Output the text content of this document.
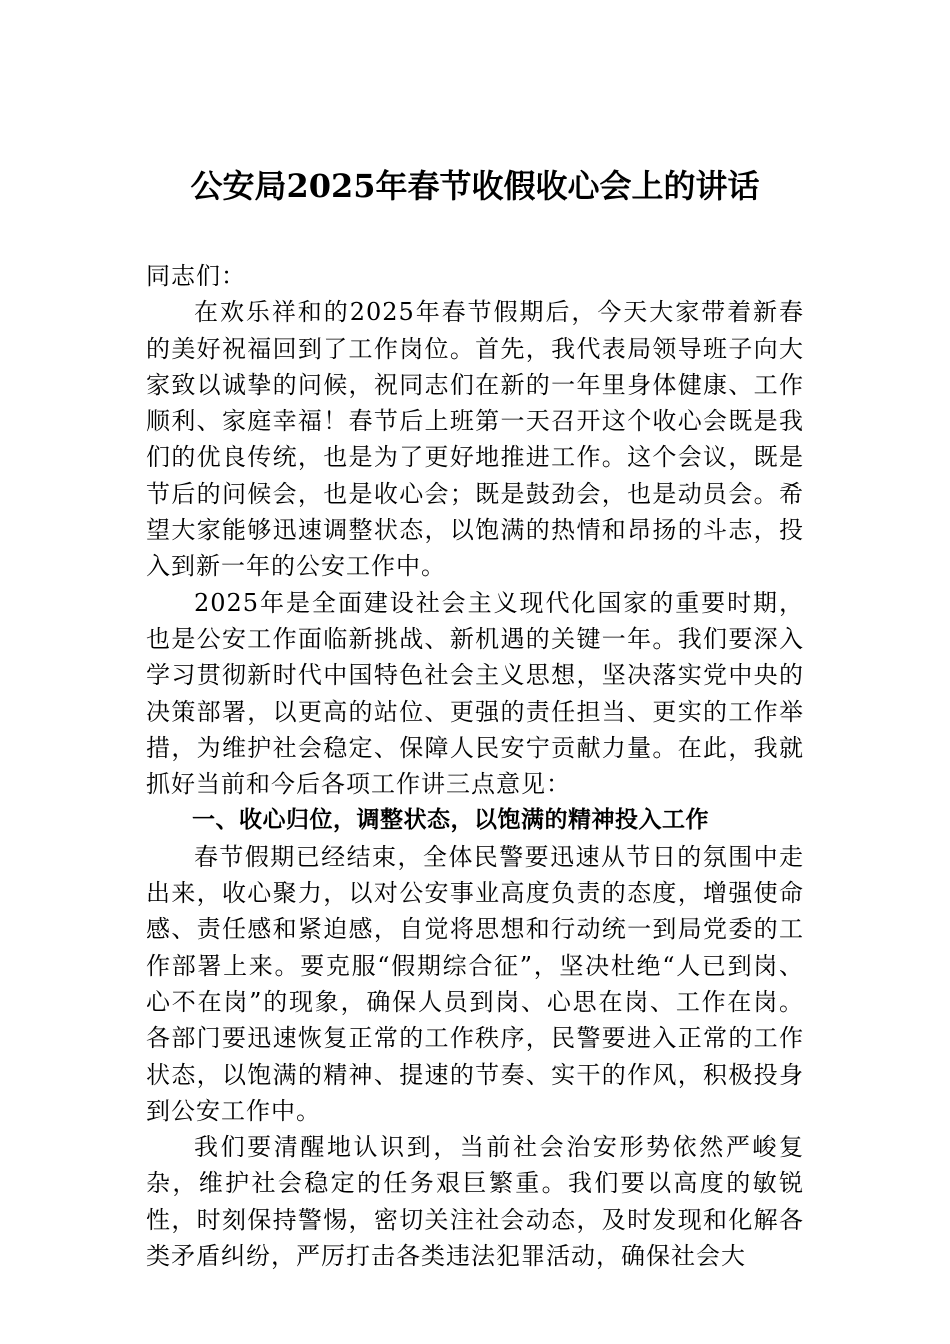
公安局2025年春节收假收心会上的讲话

同志们：

在欢乐祥和的2025年春节假期后，今天大家带着新春的美好祝福回到了工作岗位。首先，我代表局领导班子向大家致以诚挚的问候，祝同志们在新的一年里身体健康、工作顺利、家庭幸福！春节后上班第一天召开这个收心会既是我们的优良传统，也是为了更好地推进工作。这个会议，既是节后的问候会，也是收心会；既是鼓劲会，也是动员会。希望大家能够迅速调整状态，以饱满的热情和昂扬的斗志，投入到新一年的公安工作中。

2025年是全面建设社会主义现代化国家的重要时期，也是公安工作面临新挑战、新机遇的关键一年。我们要深入学习贯彻新时代中国特色社会主义思想，坚决落实党中央的决策部署，以更高的站位、更强的责任担当、更实的工作举措，为维护社会稳定、保障人民安宁贡献力量。在此，我就抓好当前和今后各项工作讲三点意见：

一、收心归位，调整状态，以饱满的精神投入工作

春节假期已经结束，全体民警要迅速从节日的氛围中走出来，收心聚力，以对公安事业高度负责的态度，增强使命感、责任感和紧迫感，自觉将思想和行动统一到局党委的工作部署上来。要克服“假期综合征”，坚决杜绝“人已到岗、心不在岗”的现象，确保人员到岗、心思在岗、工作在岗。各部门要迅速恢复正常的工作秩序，民警要进入正常的工作状态，以饱满的精神、提速的节奏、实干的作风，积极投身到公安工作中。

我们要清醒地认识到，当前社会治安形势依然严峻复杂，维护社会稳定的任务艰巨繁重。我们要以高度的敏锐性，时刻保持警惕，密切关注社会动态，及时发现和化解各类矛盾纠纷，严厉打击各类违法犯罪活动，确保社会大
